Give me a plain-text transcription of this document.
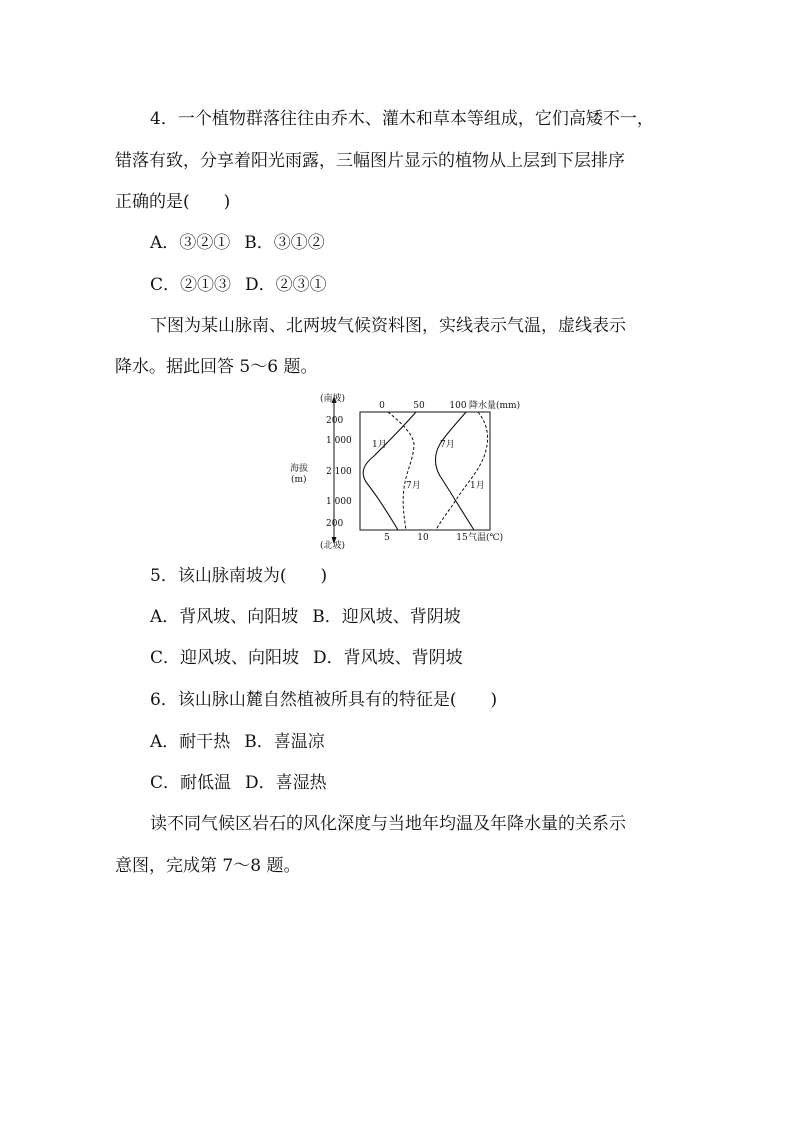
4．一个植物群落往往由乔木、灌木和草本等组成，它们高矮不一，
错落有致，分享着阳光雨露，三幅图片显示的植物从上层到下层排序
正确的是(　　)
A．③②① B．③①②
C．②①③ D．②③①
下图为某山脉南、北两坡气候资料图，实线表示气温，虚线表示
降水。据此回答 5～6 题。
(南坡)
(北坡)
海拔
(m)
200
1 000
2 100
1 000
200
0	50	100 降水量(mm)
5	10	15 气温(℃)
1月	7月
7月	1月
5．该山脉南坡为(　　)
A．背风坡、向阳坡 B．迎风坡、背阴坡
C．迎风坡、向阳坡 D．背风坡、背阴坡
6．该山脉山麓自然植被所具有的特征是(　　)
A．耐干热 B．喜温凉
C．耐低温 D．喜湿热
读不同气候区岩石的风化深度与当地年均温及年降水量的关系示
意图，完成第 7～8 题。
